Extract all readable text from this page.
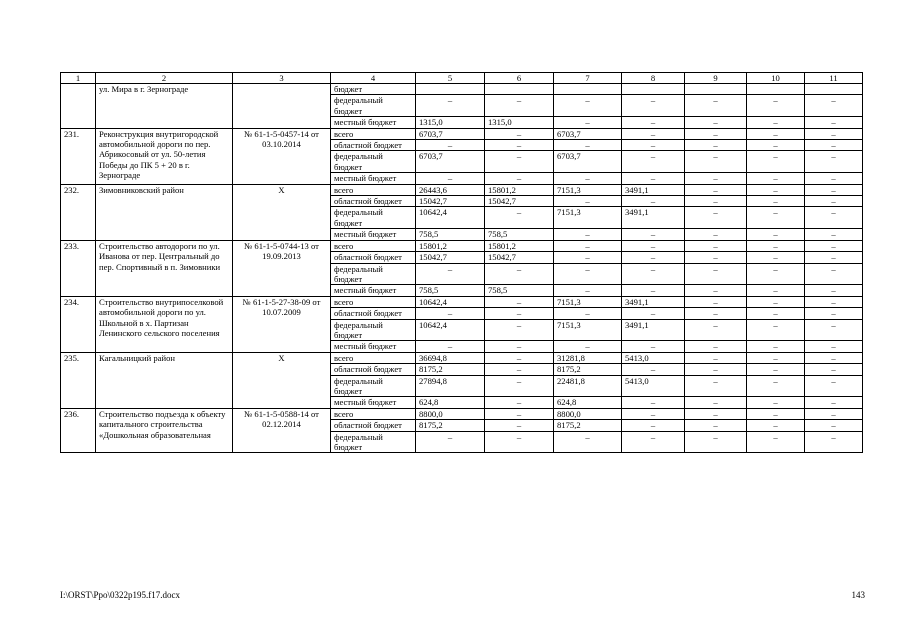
1	2	3	4	5	6	7	8	9	10	11
	ул. Мира в г. Зернограде		бюджет							
			федеральный бюджет	–	–	–	–	–	–	–
			местный бюджет	1315,0	1315,0	–	–	–	–	–
231.	Реконструкция внутригородской автомобильной дороги по пер. Абрикосовый от ул. 50-летия Победы до ПК 5 + 20 в г. Зернограде	№ 61-1-5-0457-14 от 03.10.2014	всего	6703,7	–	6703,7	–	–	–	–
			областной бюджет	–	–	–	–	–	–	–
			федеральный бюджет	6703,7	–	6703,7	–	–	–	–
			местный бюджет	–	–	–	–	–	–	–
232.	Зимовниковский район	X	всего	26443,6	15801,2	7151,3	3491,1	–	–	–
			областной бюджет	15042,7	15042,7	–	–	–	–	–
			федеральный бюджет	10642,4	–	7151,3	3491,1	–	–	–
			местный бюджет	758,5	758,5	–	–	–	–	–
233.	Строительство автодороги по ул. Иванова от пер. Центральный до пер. Спортивный в п. Зимовники	№ 61-1-5-0744-13 от 19.09.2013	всего	15801,2	15801,2	–	–	–	–	–
			областной бюджет	15042,7	15042,7	–	–	–	–	–
			федеральный бюджет	–	–	–	–	–	–	–
			местный бюджет	758,5	758,5	–	–	–	–	–
234.	Строительство внутрипоселковой автомобильной дороги по ул. Школьной в х. Партизан Ленинского сельского поселения	№ 61-1-5-27-38-09 от 10.07.2009	всего	10642,4	–	7151,3	3491,1	–	–	–
			областной бюджет	–	–	–	–	–	–	–
			федеральный бюджет	10642,4	–	7151,3	3491,1	–	–	–
			местный бюджет	–	–	–	–	–	–	–
235.	Кагальницкий район	X	всего	36694,8	–	31281,8	5413,0	–	–	–
			областной бюджет	8175,2	–	8175,2	–	–	–	–
			федеральный бюджет	27894,8	–	22481,8	5413,0	–	–	–
			местный бюджет	624,8	–	624,8	–	–	–	–
236.	Строительство подъезда к объекту капитального строительства «Дошкольная образовательная	№ 61-1-5-0588-14 от 02.12.2014	всего	8800,0	–	8800,0	–	–	–	–
			областной бюджет	8175,2	–	8175,2	–	–	–	–
			федеральный бюджет	–	–	–	–	–	–	–
I:\ORST\Ppo\0322p195.f17.docx	143
